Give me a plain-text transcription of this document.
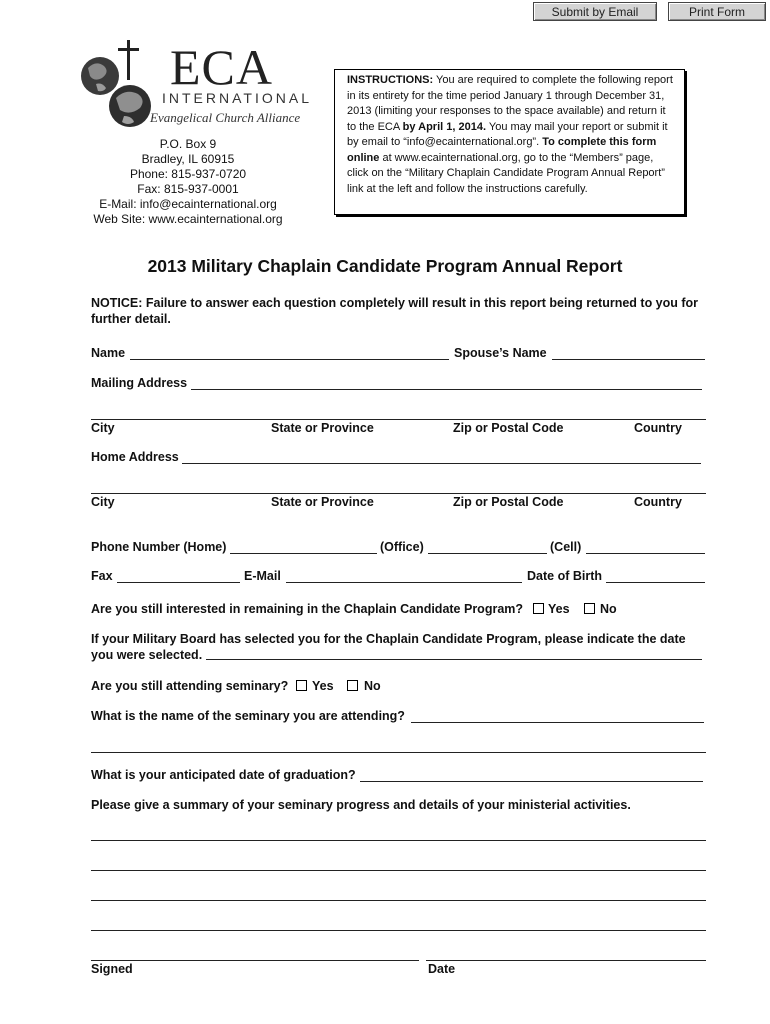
Submit by Email	Print Form
ECA
INTERNATIONAL
Evangelical Church Alliance
P.O. Box 9
Bradley, IL 60915
Phone: 815-937-0720
Fax: 815-937-0001
E-Mail: info@ecainternational.org
Web Site: www.ecainternational.org
INSTRUCTIONS: You are required to complete the following report in its entirety for the time period January 1 through December 31, 2013 (limiting your responses to the space available) and return it to the ECA by April 1, 2014. You may mail your report or submit it by email to “info@ecainternational.org”. To complete this form online at www.ecainternational.org, go to the “Members” page, click on the “Military Chaplain Candidate Program Annual Report” link at the left and follow the instructions carefully.
2013 Military Chaplain Candidate Program Annual Report
NOTICE: Failure to answer each question completely will result in this report being returned to you for further detail.
Name	Spouse’s Name
Mailing Address
City	State or Province	Zip or Postal Code	Country
Home Address
City	State or Province	Zip or Postal Code	Country
Phone Number (Home)	(Office)	(Cell)
Fax	E-Mail	Date of Birth
Are you still interested in remaining in the Chaplain Candidate Program? Yes No
If your Military Board has selected you for the Chaplain Candidate Program, please indicate the date you were selected.
Are you still attending seminary? Yes No
What is the name of the seminary you are attending?
What is your anticipated date of graduation?
Please give a summary of your seminary progress and details of your ministerial activities.
Signed	Date
